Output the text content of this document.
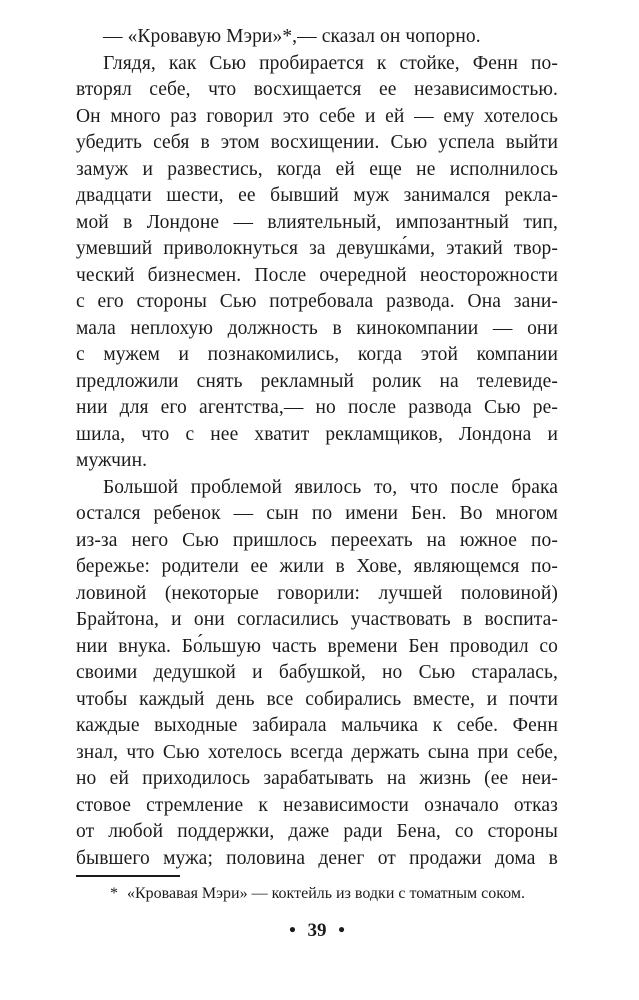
— «Кровавую Мэри»*,— сказал он чопорно.
Глядя, как Сью пробирается к стойке, Фенн по-
вторял себе, что восхищается ее независимостью.
Он много раз говорил это себе и ей — ему хотелось
убедить себя в этом восхищении. Сью успела выйти
замуж и развестись, когда ей еще не исполнилось
двадцати шести, ее бывший муж занимался рекла-
мой в Лондоне — влиятельный, импозантный тип,
умевший приволокнуться за девушка́ми, этакий твор-
ческий бизнесмен. После очередной неосторожности
с его стороны Сью потребовала развода. Она зани-
мала неплохую должность в кинокомпании — они
с мужем и познакомились, когда этой компании
предложили снять рекламный ролик на телевиде-
нии для его агентства,— но после развода Сью ре-
шила, что с нее хватит рекламщиков, Лондона и
мужчин.
Большой проблемой явилось то, что после брака
остался ребенок — сын по имени Бен. Во многом
из-за него Сью пришлось переехать на южное по-
бережье: родители ее жили в Хове, являющемся по-
ловиной (некоторые говорили: лучшей половиной)
Брайтона, и они согласились участвовать в воспита-
нии внука. Бо́льшую часть времени Бен проводил со
своими дедушкой и бабушкой, но Сью старалась,
чтобы каждый день все собирались вместе, и почти
каждые выходные забирала мальчика к себе. Фенн
знал, что Сью хотелось всегда держать сына при себе,
но ей приходилось зарабатывать на жизнь (ее неи-
стовое стремление к независимости означало отказ
от любой поддержки, даже ради Бена, со стороны
бывшего мужа; половина денег от продажи дома в
* «Кровавая Мэри» — коктейль из водки с томатным соком.
• 39 •
